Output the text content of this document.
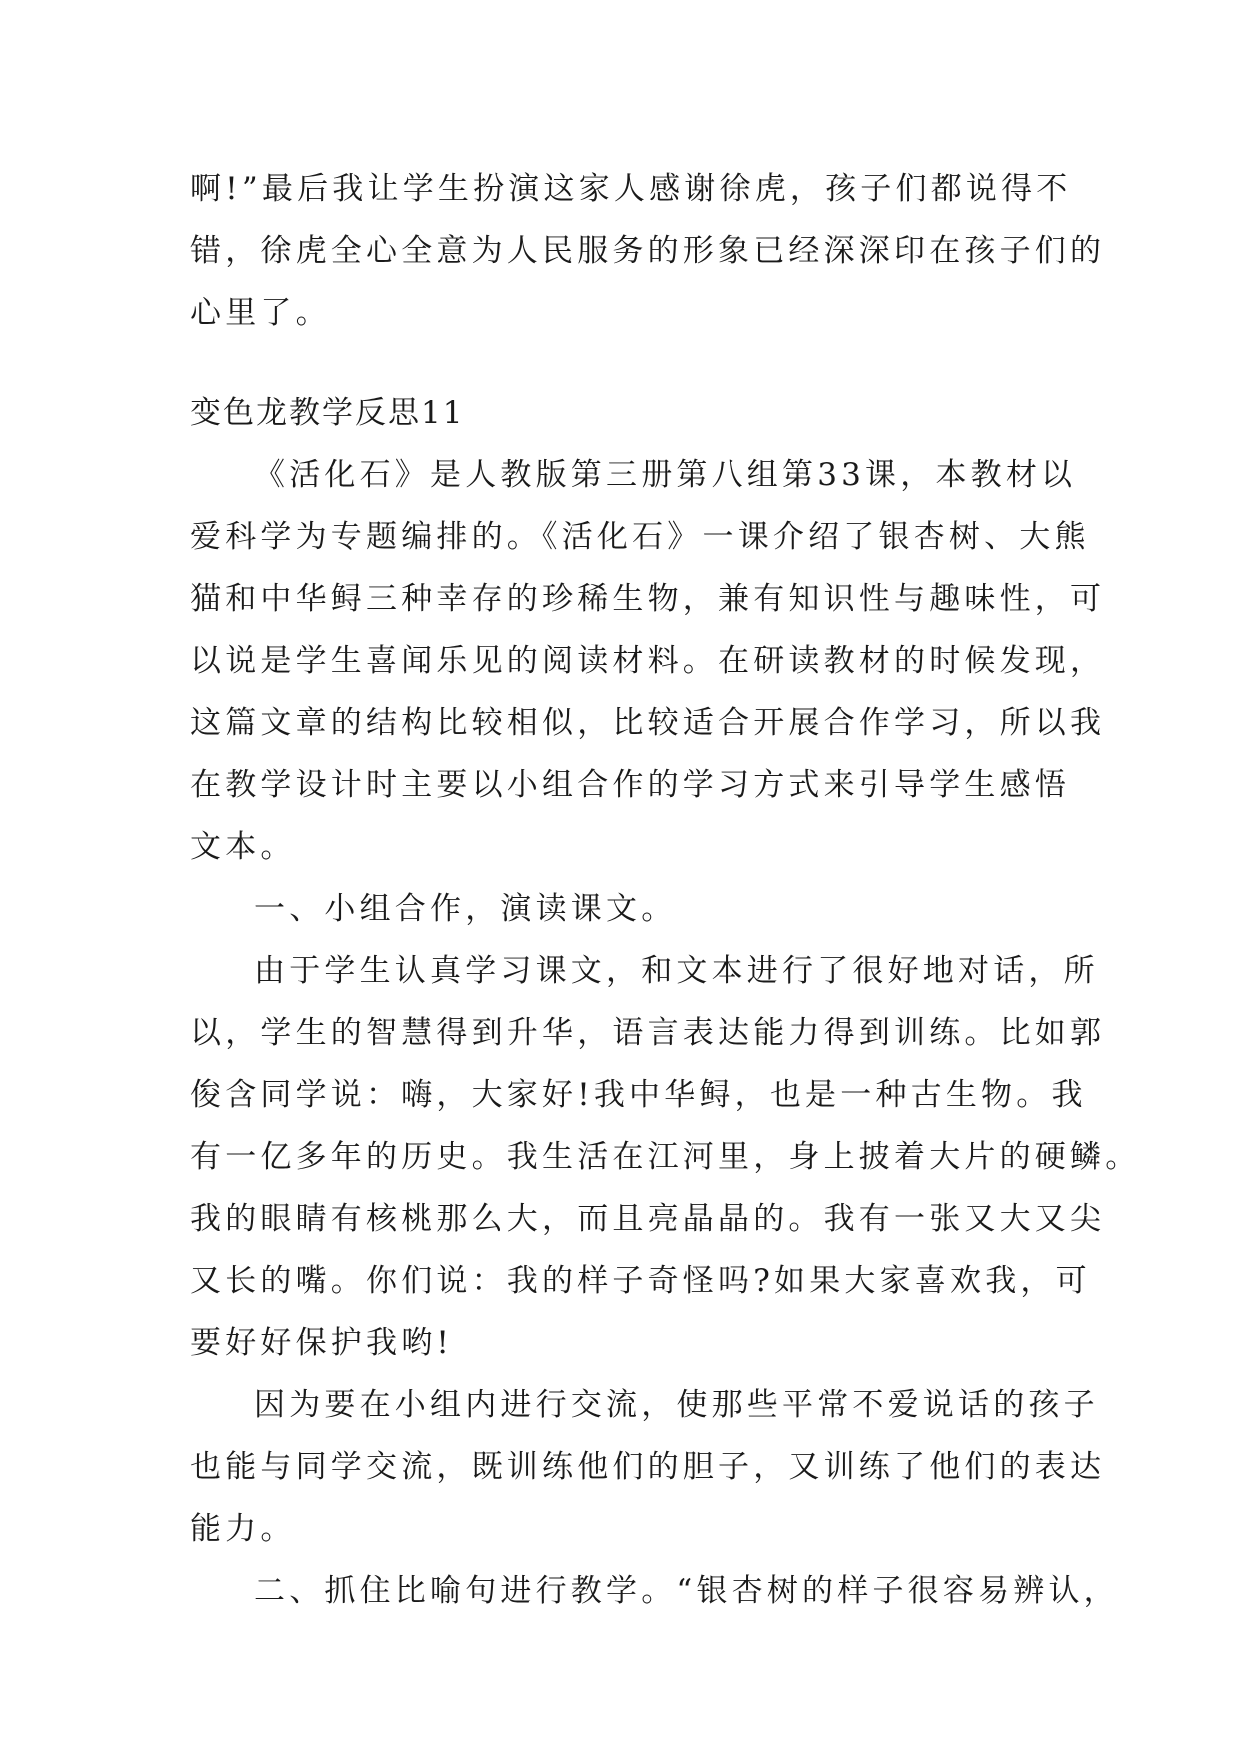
啊!”最后我让学生扮演这家人感谢徐虎，孩子们都说得不
错，徐虎全心全意为人民服务的形象已经深深印在孩子们的
心里了。
变色龙教学反思11
《活化石》是人教版第三册第八组第33课，本教材以
爱科学为专题编排的。《活化石》一课介绍了银杏树、大熊
猫和中华鲟三种幸存的珍稀生物，兼有知识性与趣味性，可
以说是学生喜闻乐见的阅读材料。在研读教材的时候发现，
这篇文章的结构比较相似，比较适合开展合作学习，所以我
在教学设计时主要以小组合作的学习方式来引导学生感悟
文本。
一、小组合作，演读课文。
由于学生认真学习课文，和文本进行了很好地对话，所
以，学生的智慧得到升华，语言表达能力得到训练。比如郭
俊含同学说：嗨，大家好!我中华鲟，也是一种古生物。我
有一亿多年的历史。我生活在江河里，身上披着大片的硬鳞。
我的眼睛有核桃那么大，而且亮晶晶的。我有一张又大又尖
又长的嘴。你们说：我的样子奇怪吗?如果大家喜欢我，可
要好好保护我哟!
因为要在小组内进行交流，使那些平常不爱说话的孩子
也能与同学交流，既训练他们的胆子，又训练了他们的表达
能力。
二、抓住比喻句进行教学。“银杏树的样子很容易辨认，
